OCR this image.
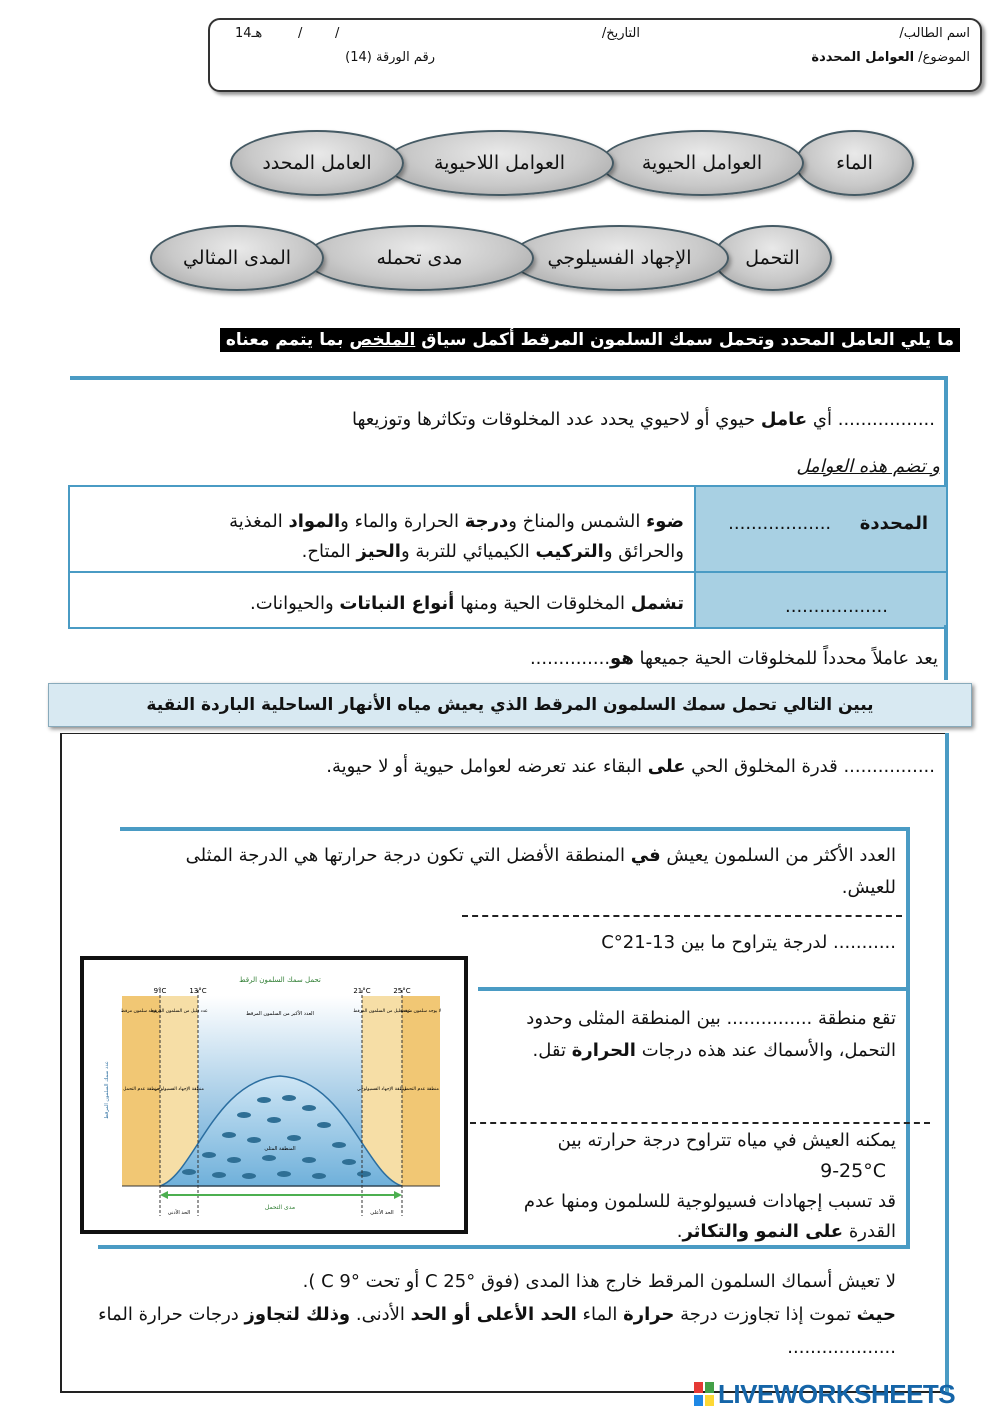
اسم الطالب/
الموضوع/ العوامل المحددة
التاريخ/
/
/
14هـ
رقم الورقة (14)
الماء
العوامل الحيوية
العوامل اللاحيوية
العامل المحدد
التحمل
الإجهاد الفسيلوجي
مدى تحمله
المدى المثالي
ما يلي العامل المحدد وتحمل سمك السلمون المرقط أكمل سياق الملخص بما يتمم معناه
................. أي عامل حيوي أو لاحيوي يحدد عدد المخلوقات وتكاثرها وتوزيعها
و تضم هذه العوامل
المحددة     ..................
ضوء الشمس والمناخ ودرجة الحرارة والماء والمواد المغذية
والحرائق والتركيب الكيميائي للتربة والحيز المتاح.
..................
تشمل المخلوقات الحية ومنها أنواع النباتات والحيوانات.
يعد عاملاً محدداً للمخلوقات الحية جميعها هو..............
يبين التالي تحمل سمك السلمون المرقط الذي يعيش مياه الأنهار الساحلية الباردة النقية
................ قدرة المخلوق الحي على البقاء عند تعرضه لعوامل حيوية أو لا حيوية.
العدد الأكثر من السلمون يعيش في المنطقة الأفضل التي تكون درجة حرارتها هي الدرجة المثلى للعيش.
........... لدرجة يتراوح ما بين 13-21°C
تقع منطقة ............... بين المنطقة المثلى وحدود التحمل، والأسماك عند هذه درجات الحرارة تقل.
يمكنه العيش في مياه تتراوح درجة حرارته بين
9-25°C
قد تسبب إجهادات فسيولوجية للسلمون ومنها عدم القدرة على النمو والتكاثر.
لا تعيش أسماك السلمون المرقط خارج هذا المدى (فوق °C 25 أو تحت °C 9 ).
حيث تموت إذا تجاوزت درجة حرارة الماء الحد الأعلى أو الحد الأدنى. وذلك لتجاوز درجات حرارة الماء ...................
تحمل سمك السلمون الرقط
9°C	13°C	21°C	25°C
مدى التحمل
الحد الأدنى	الحد الأعلى
عدد سمك السلمون المرقط
لا يوجد سلمون مرقط
عدد قليل من السلمون المرقط	العدد الأكبر من السلمون المرقط	عدد قليل من السلمون المرقط
لا يوجد سلمون مرقط
منطقة عدم التحمل
منطقة الإجهاد الفسيولوجي
المنطقة المثلى
منطقة الإجهاد الفسيولوجي
منطقة عدم التحمل
LIVEWORKSHEETS
